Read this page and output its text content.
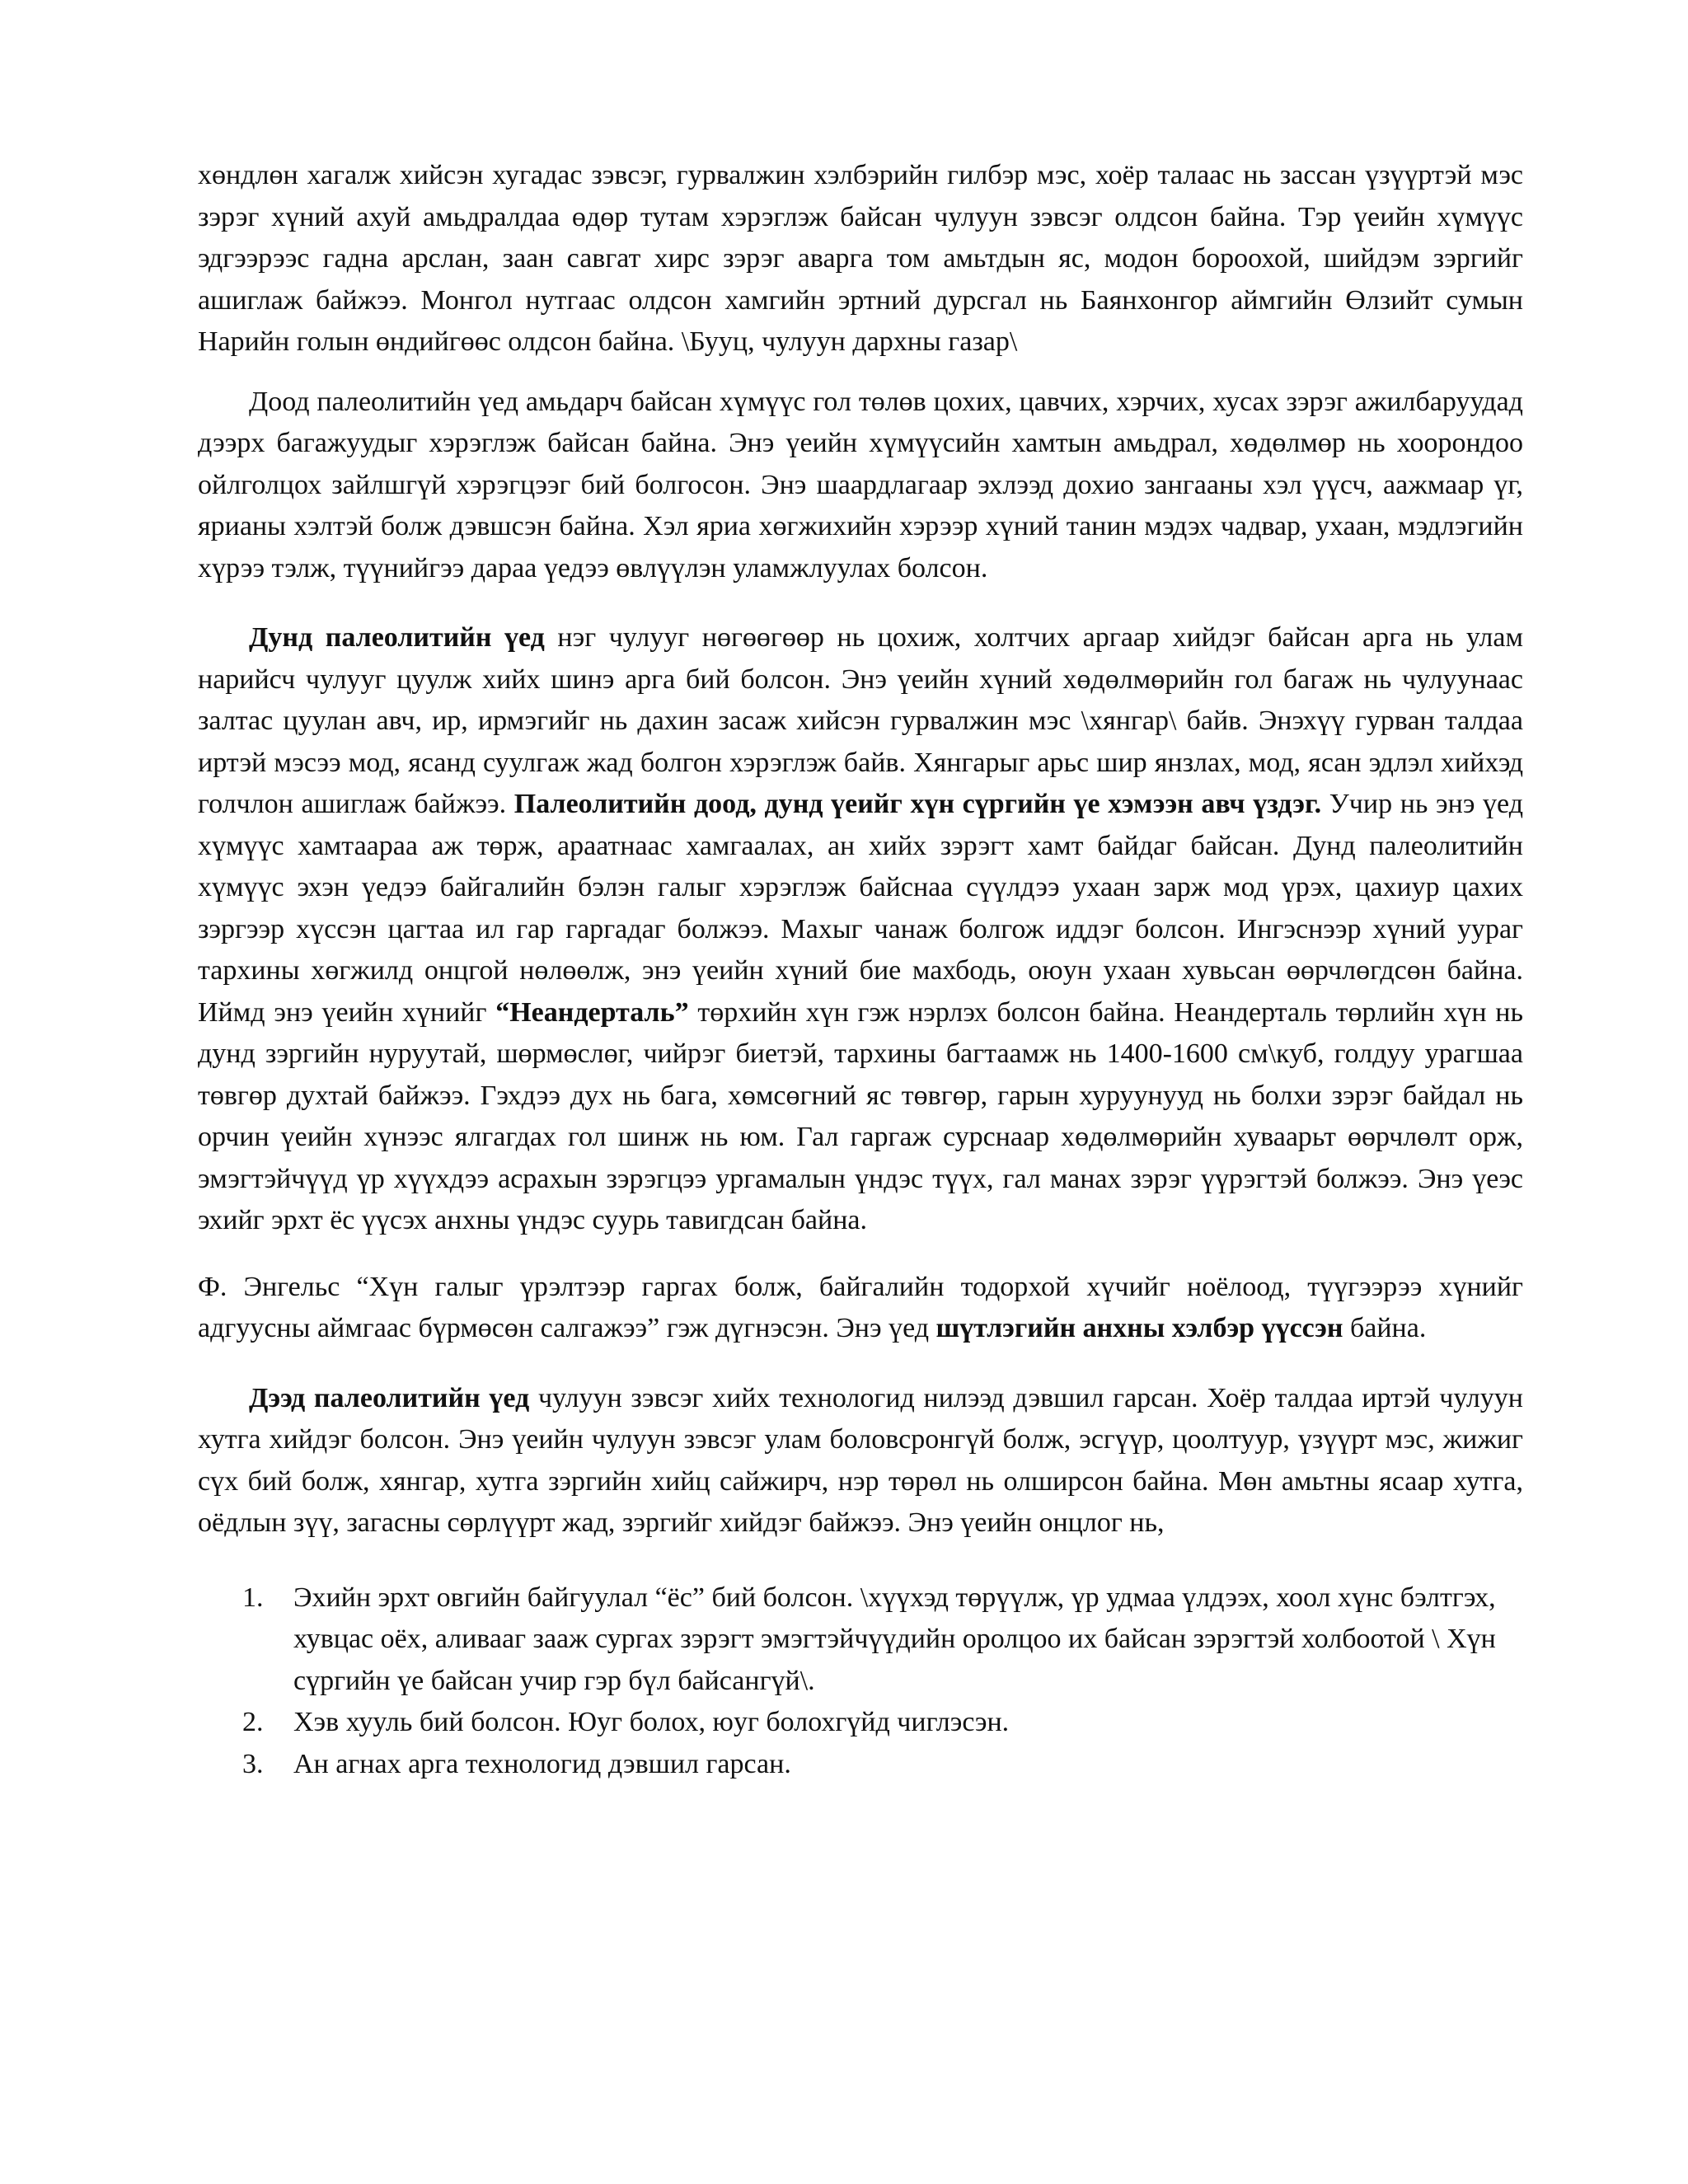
хөндлөн хагалж хийсэн хугадас зэвсэг, гурвалжин хэлбэрийн гилбэр мэс, хоёр талаас нь зассан үзүүртэй мэс зэрэг хүний ахуй амьдралдаа өдөр тутам хэрэглэж байсан чулуун зэвсэг олдсон байна. Тэр үеийн хүмүүс эдгээрээс гадна арслан, заан савгат хирс зэрэг аварга том амьтдын яс, модон бороохой, шийдэм зэргийг ашиглаж байжээ. Монгол нутгаас олдсон хамгийн эртний дурсгал нь Баянхонгор аймгийн Өлзийт сумын Нарийн голын өндийгөөс олдсон байна. \Бууц, чулуун дархны газар\

Доод палеолитийн үед амьдарч байсан хүмүүс гол төлөв цохих, цавчих, хэрчих, хусах зэрэг ажилбаруудад дээрх багажуудыг хэрэглэж байсан байна. Энэ үеийн хүмүүсийн хамтын амьдрал, хөдөлмөр нь хоорондоо ойлголцох зайлшгүй хэрэгцээг бий болгосон. Энэ шаардлагаар эхлээд дохио зангааны хэл үүсч, аажмаар үг, ярианы хэлтэй болж дэвшсэн байна. Хэл яриа хөгжихийн хэрээр хүний танин мэдэх чадвар, ухаан, мэдлэгийн хүрээ тэлж, түүнийгээ дараа үедээ өвлүүлэн уламжлуулах болсон.

Дунд палеолитийн үед нэг чулууг нөгөөгөөр нь цохиж, холтчих аргаар хийдэг байсан арга нь улам нарийсч чулууг цуулж хийх шинэ арга бий болсон. Энэ үеийн хүний хөдөлмөрийн гол багаж нь чулуунаас залтас цуулан авч, ир, ирмэгийг нь дахин засаж хийсэн гурвалжин мэс \хянгар\ байв. Энэхүү гурван талдаа иртэй мэсээ мод, ясанд суулгаж жад болгон хэрэглэж байв. Хянгарыг арьс шир янзлах, мод, ясан эдлэл хийхэд голчлон ашиглаж байжээ. Палеолитийн доод, дунд үеийг хүн сүргийн үе хэмээн авч үздэг. Учир нь энэ үед хүмүүс хамтаараа аж төрж, араатнаас хамгаалах, ан хийх зэрэгт хамт байдаг байсан. Дунд палеолитийн хүмүүс эхэн үедээ байгалийн бэлэн галыг хэрэглэж байснаа сүүлдээ ухаан зарж мод үрэх, цахиур цахих зэргээр хүссэн цагтаа ил гар гаргадаг болжээ. Махыг чанаж болгож иддэг болсон. Ингэснээр хүний уураг тархины хөгжилд онцгой нөлөөлж, энэ үеийн хүний бие махбодь, оюун ухаан хувьсан өөрчлөгдсөн байна. Иймд энэ үеийн хүнийг “Неандерталь” төрхийн хүн гэж нэрлэх болсон байна. Неандерталь төрлийн хүн нь дунд зэргийн нуруутай, шөрмөслөг, чийрэг биетэй, тархины багтаамж нь 1400-1600 см\куб, голдуу урагшаа төвгөр духтай байжээ. Гэхдээ дух нь бага, хөмсөгний яс төвгөр, гарын хуруунууд нь болхи зэрэг байдал нь орчин үеийн хүнээс ялгагдах гол шинж нь юм. Гал гаргаж сурснаар хөдөлмөрийн хуваарьт өөрчлөлт орж, эмэгтэйчүүд үр хүүхдээ асрахын зэрэгцээ ургамалын үндэс түүх, гал манах зэрэг үүрэгтэй болжээ. Энэ үеэс эхийг эрхт ёс үүсэх анхны үндэс суурь тавигдсан байна.

Ф. Энгельс “Хүн галыг үрэлтээр гаргах болж, байгалийн тодорхой хүчийг ноёлоод, түүгээрээ хүнийг адгуусны аймгаас бүрмөсөн салгажээ” гэж дүгнэсэн. Энэ үед шүтлэгийн анхны хэлбэр үүссэн байна.

Дээд палеолитийн үед чулуун зэвсэг хийх технологид нилээд дэвшил гарсан. Хоёр талдаа иртэй чулуун хутга хийдэг болсон. Энэ үеийн чулуун зэвсэг улам боловсронгүй болж, эсгүүр, цоолтуур, үзүүрт мэс, жижиг сүх бий болж, хянгар, хутга зэргийн хийц сайжирч, нэр төрөл нь олширсон байна. Мөн амьтны ясаар хутга, оёдлын зүү, загасны сөрлүүрт жад, зэргийг хийдэг байжээ. Энэ үеийн онцлог нь,

1. Эхийн эрхт овгийн байгуулал “ёс” бий болсон. \хүүхэд төрүүлж, үр удмаа үлдээх, хоол хүнс бэлтгэх, хувцас оёх, аливааг зааж сургах зэрэгт эмэгтэйчүүдийн оролцоо их байсан зэрэгтэй холбоотой \ Хүн сүргийн үе байсан учир гэр бүл байсангүй\.
2. Хэв хууль бий болсон. Юуг болох, юуг болохгүйд чиглэсэн.
3. Ан агнах арга технологид дэвшил гарсан.
